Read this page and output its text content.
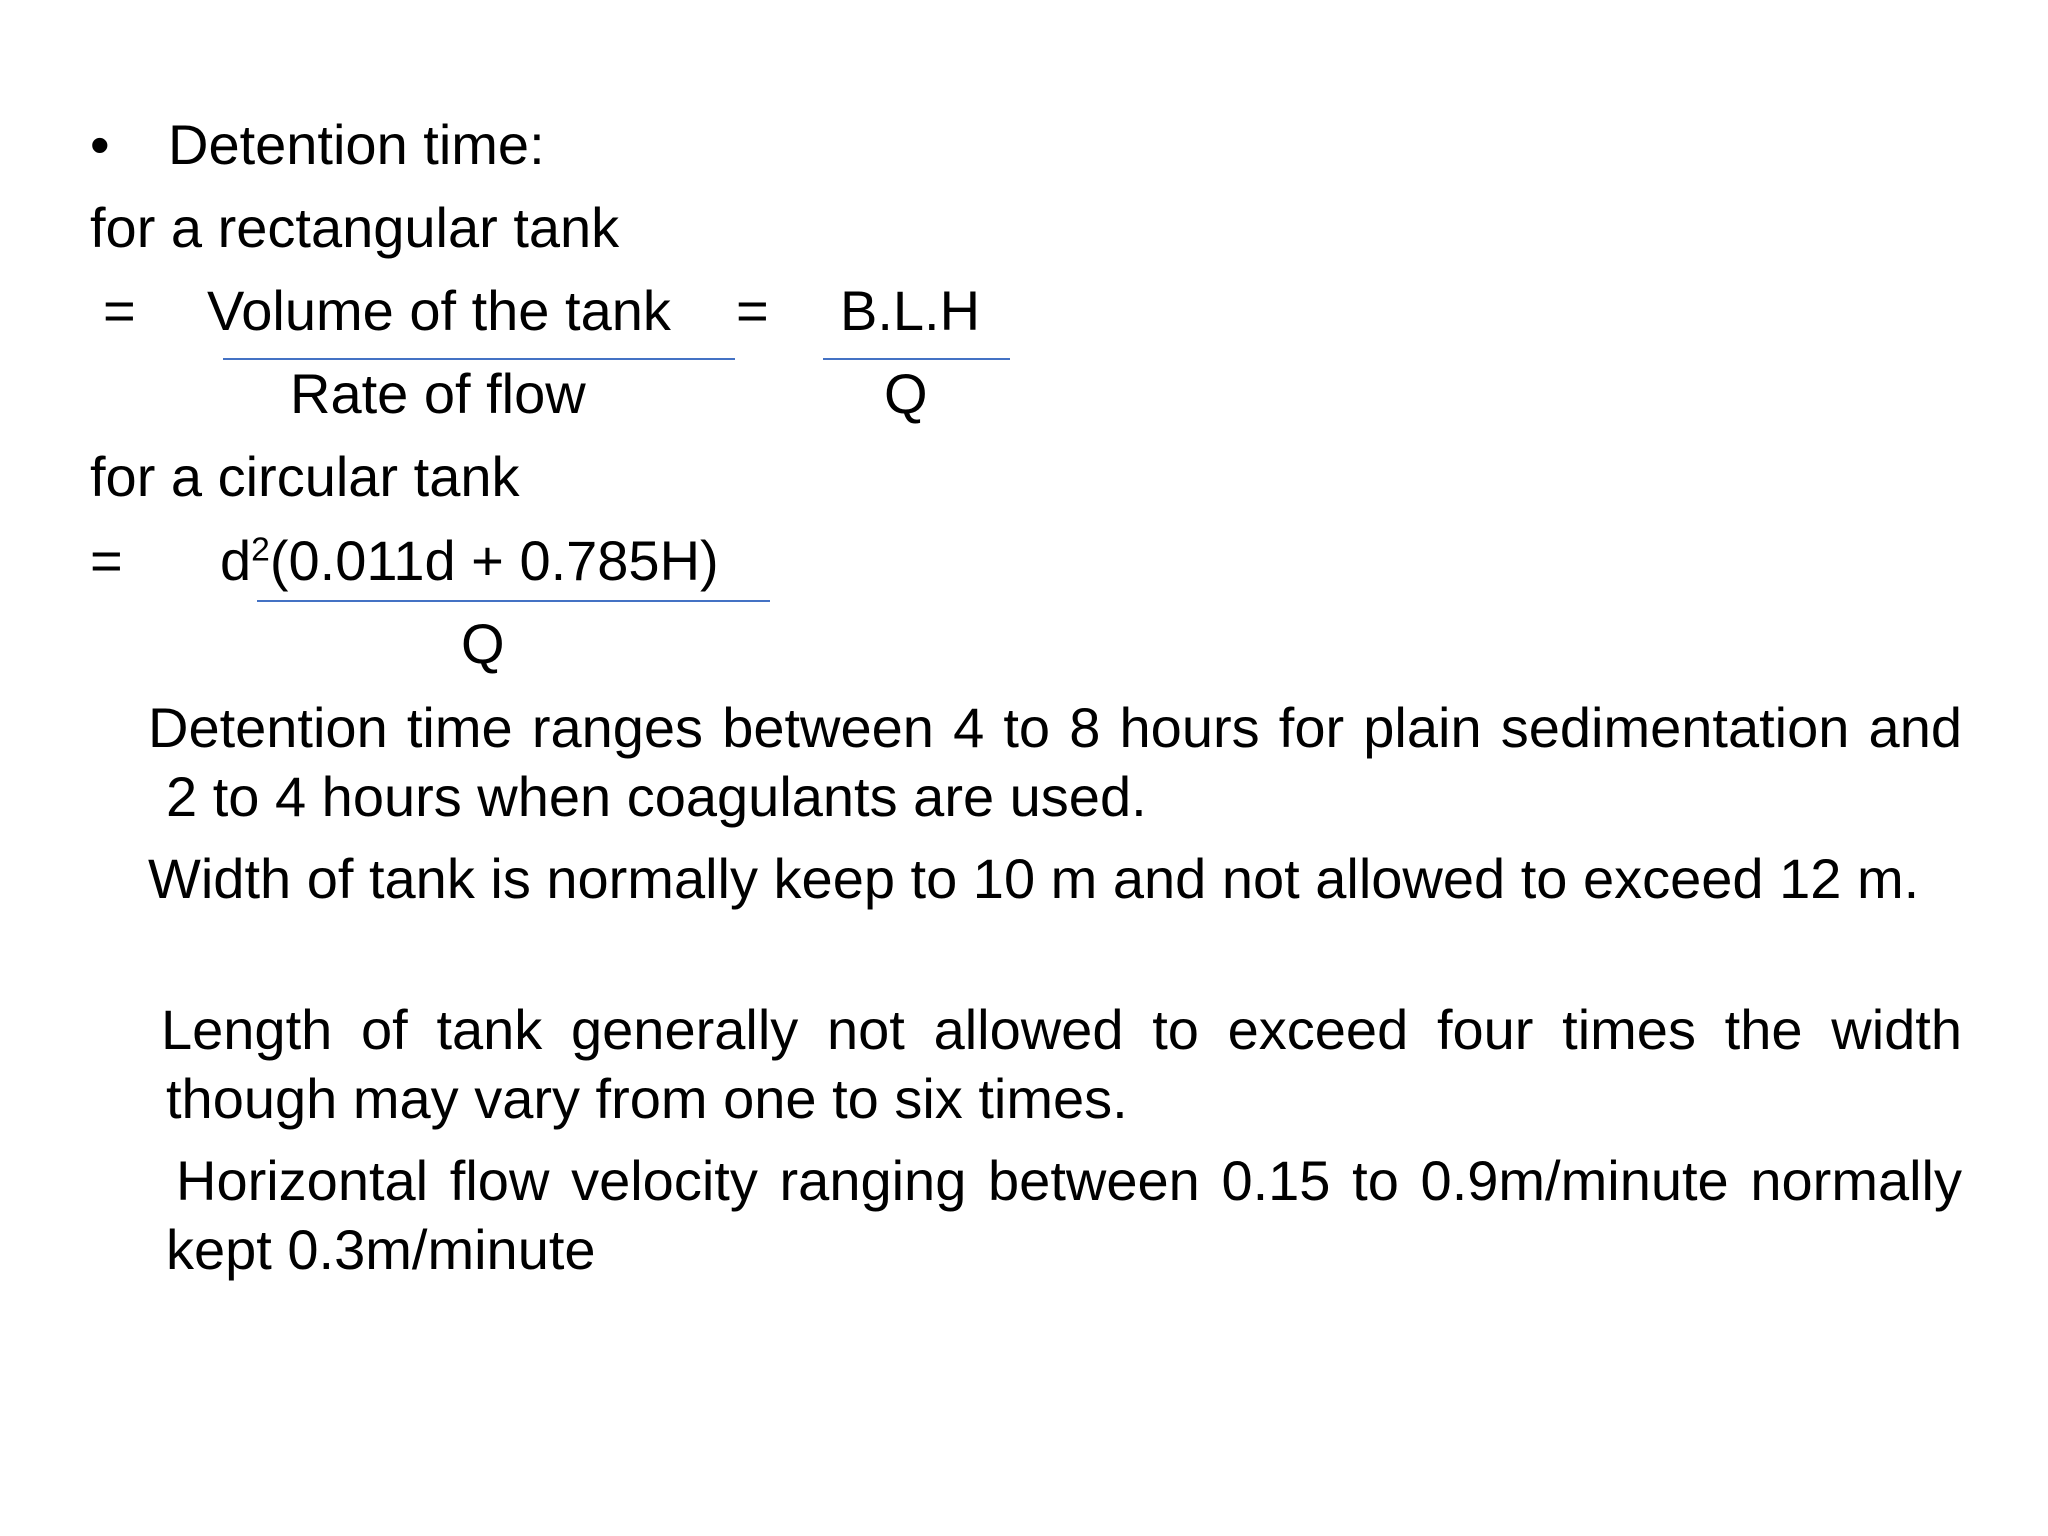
• Detention time:
for a rectangular tank
= Volume of the tank = B.L.H
Rate of flow	Q
for a circular tank
= $d^2(0.011d + 0.785H)$
Q
Detention time ranges between 4 to 8 hours for plain sedimentation and 2 to 4 hours when coagulants are used.
Width of tank is normally keep to 10 m and not allowed to exceed 12 m.
Length of tank generally not allowed to exceed four times the width though may vary from one to six times.
Horizontal flow velocity ranging between 0.15 to 0.9m/minute normally kept 0.3m/minute
